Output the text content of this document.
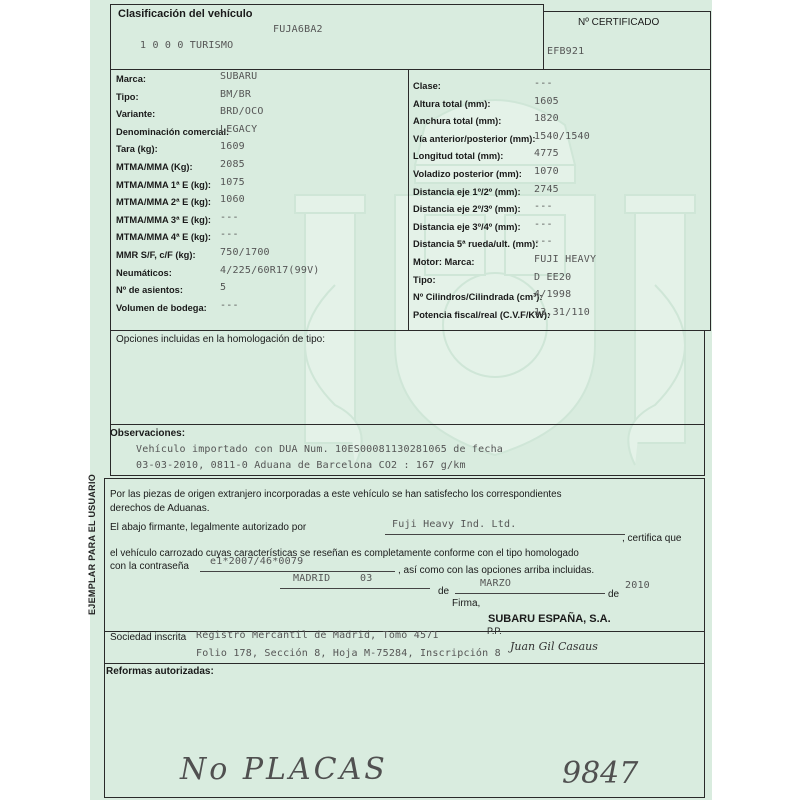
EJEMPLAR PARA EL USUARIO
Clasificación del vehículo
FUJA6BA2
1 0 0 0 TURISMO
Nº CERTIFICADO
EFB921
Marca:	SUBARU
Tipo:	BM/BR
Variante:	BRD/OCO
Denominación comercial:
LEGACY
Tara (kg):	1609
MTMA/MMA (Kg):	2085
MTMA/MMA 1ª E (kg): 1075
MTMA/MMA 2ª E (kg): 1060
MTMA/MMA 3ª E (kg): ---
MTMA/MMA 4ª E (kg): ---
MMR S/F, c/F (kg): 750/1700
Neumáticos:	4/225/60R17(99V)
Nº de asientos:	5
Volumen de bodega: ---
Clase:	---
Altura total (mm):	1605
Anchura total (mm):	1820
Vía anterior/posterior (mm):
1540/1540
Longitud total (mm):	4775
Voladizo posterior (mm): 1070
Distancia eje 1º/2º (mm): 2745
Distancia eje 2º/3º (mm): ---
Distancia eje 3º/4º (mm): ---
Distancia 5ª rueda/ult. (mm):
---
Motor: Marca:	FUJI HEAVY
Tipo:	D EE20
Nº Cilindros/Cilindrada (cm³):
4/1998
Potencia fiscal/real (C.V.F/KW):
13,31/110
Opciones incluidas en la homologación de tipo:
Observaciones:
Vehículo importado con DUA Num. 10ES00081130281065 de fecha
03-03-2010, 0811-0 Aduana de Barcelona CO2 : 167 g/km
Por las piezas de origen extranjero incorporadas a este vehículo se han satisfecho los correspondientes
derechos de Aduanas.
El abajo firmante, legalmente autorizado por	Fuji Heavy Ind. Ltd.
, certifica que
el vehículo carrozado cuyas características se reseñan es completamente conforme con el tipo homologado
con la contraseña e1*2007/46*0079
, así como con las opciones arriba incluidas.
MADRID	03
de
MARZO
de
2010
Firma,
SUBARU ESPAÑA, S.A.
P.P.
Sociedad inscrita Registro Mercantil de Madrid, Tomo 4571
Folio 178, Sección 8, Hoja M-75284, Inscripción 8
Juan Gil Casaus
Reformas autorizadas:
No PLACAS	9847
